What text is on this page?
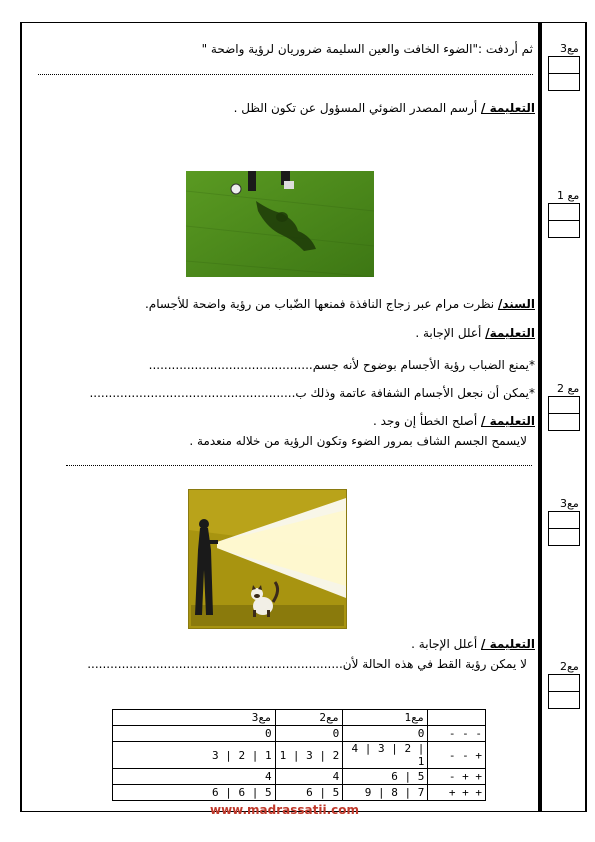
ثم أردفت :"الضوء الخافت والعين السليمة ضروريان لرؤية واضحة "
التعليمة / أرسم المصدر الضوئي المسؤول عن تكون الظل .
السند/ نظرت مرام عبر زجاج النافذة فمنعها الضّباب من رؤية واضحة للأجسام.
التعليمة/ أعلل الإجابة .
*يمنع الضباب رؤية الأجسام بوضوح لأنه جسم...........................................
*يمكن أن نجعل الأجسام الشفافة عاتمة وذلك ب......................................................
التعليمة / أصلح الخطأ إن وجد .
لايسمح الجسم الشاف بمرور الضوء وتكون الرؤية من خلاله منعدمة .
التعليمة / أعلل الإجابة .
لا يمكن رؤية القط في هذه الحالة لأن...................................................................
مع3
مع 1
مع 2
مع3
مع2
مع3	مع2	مع1	
0	0	0	- - -
3 | 2 | 1	1 | 3 | 2	4 | 3 | 2 | 1	- - +
4	4	6 | 5	- + +
6 | 6 | 5	6 | 5	9 | 8 | 7	+ + +
www.madrassatii.com
